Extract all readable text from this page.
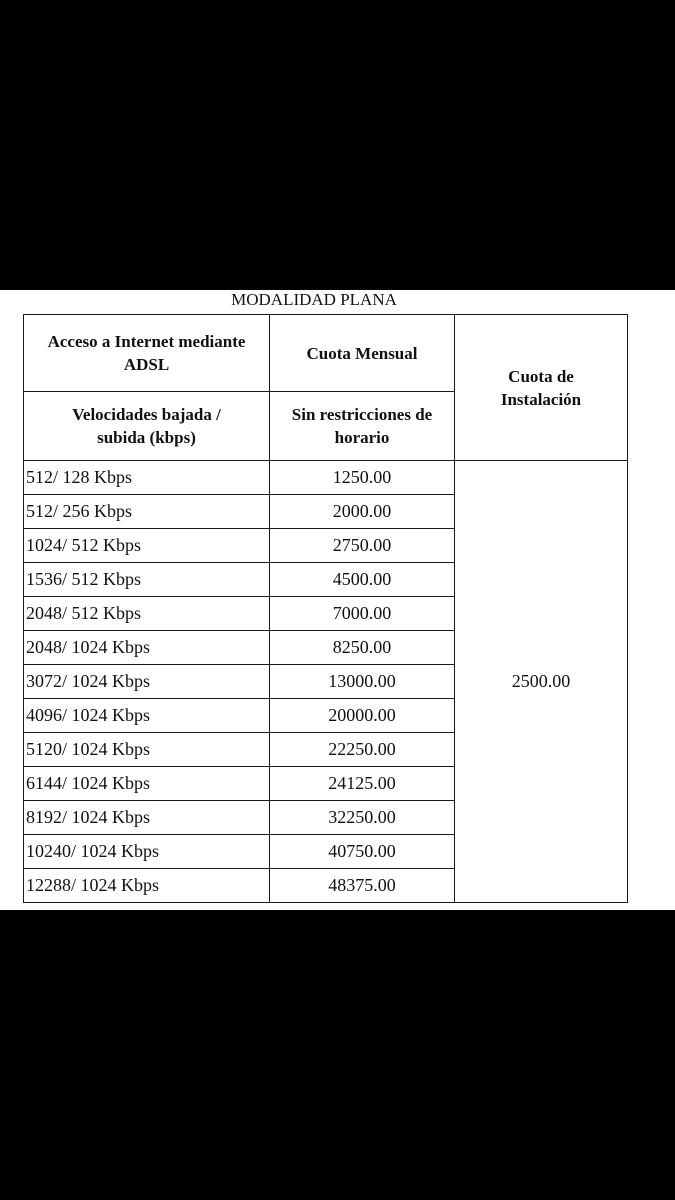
MODALIDAD PLANA
Acceso a Internet mediante
ADSL	Cuota Mensual	Cuota de
Instalación

Velocidades bajada /
subida (kbps)	Sin restricciones de
horario	

512/ 128 Kbps	1250.00	2500.00
512/ 256 Kbps	2000.00	
1024/ 512 Kbps	2750.00	
1536/ 512 Kbps	4500.00	
2048/ 512 Kbps	7000.00	
2048/ 1024 Kbps	8250.00	
3072/ 1024 Kbps	13000.00	
4096/ 1024 Kbps	20000.00	
5120/ 1024 Kbps	22250.00	
6144/ 1024 Kbps	24125.00	
8192/ 1024 Kbps	32250.00	
10240/ 1024 Kbps	40750.00	
12288/ 1024 Kbps	48375.00	
